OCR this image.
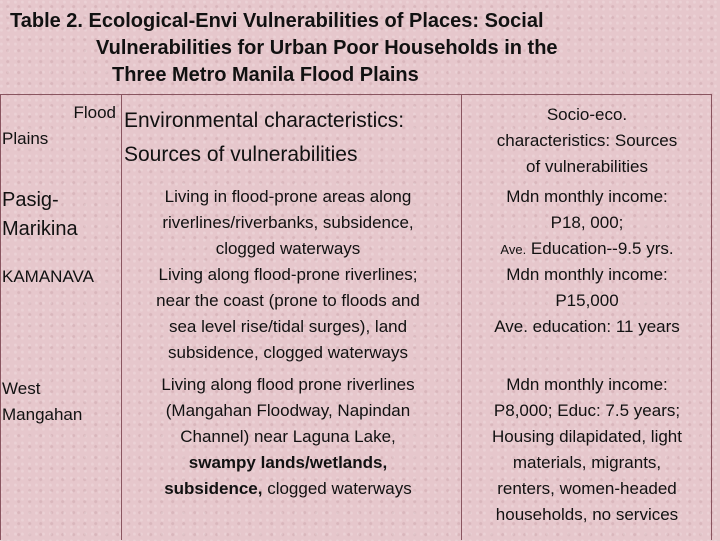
Table 2. Ecological-Envi Vulnerabilities of Places: Social
Vulnerabilities for Urban Poor Households in the
Three Metro Manila Flood Plains
Flood
Plains
Environmental characteristics:
Sources of vulnerabilities
Socio-eco.
characteristics: Sources
of vulnerabilities
Pasig-
Marikina
Living in flood-prone areas along
riverlines/riverbanks, subsidence,
clogged waterways
Mdn monthly income:
P18, 000;
Ave. Education--9.5 yrs.
KAMANAVA	Living along flood-prone riverlines;
near the coast (prone to floods and
sea level rise/tidal surges), land
subsidence, clogged waterways
Mdn monthly income:
P15,000
Ave. education: 11 years
West
Mangahan
Living along flood prone riverlines
(Mangahan Floodway, Napindan
Channel) near Laguna Lake,
swampy lands/wetlands,
subsidence, clogged waterways
Mdn monthly income:
P8,000; Educ: 7.5 years;
Housing dilapidated, light
materials, migrants,
renters, women-headed
households, no services
